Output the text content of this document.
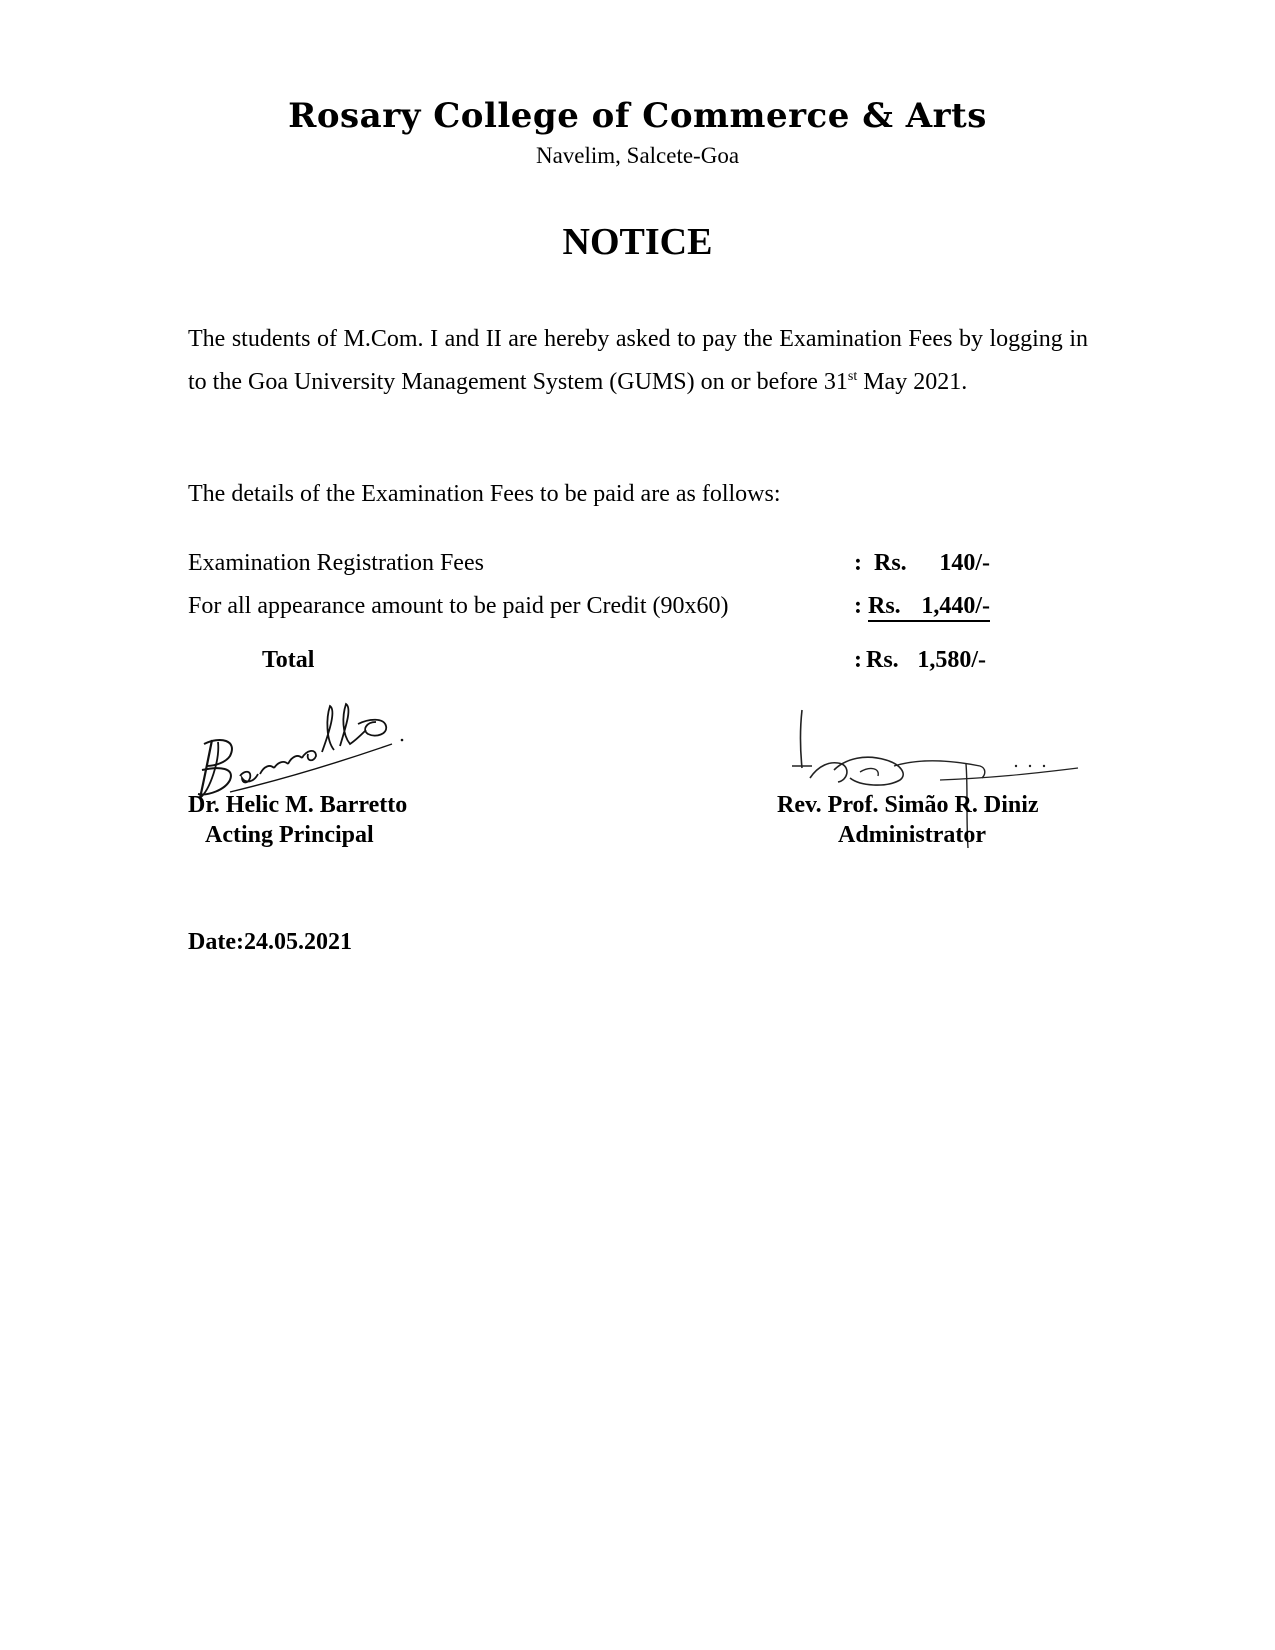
Rosary College of Commerce & Arts
Navelim, Salcete-Goa
NOTICE

The students of M.Com. I and II are hereby asked to pay the Examination Fees by logging in to the Goa University Management System (GUMS) on or before 31st May 2021.

The details of the Examination Fees to be paid are as follows:

Examination Registration Fees	: Rs.	140/-
For all appearance amount to be paid per Credit (90x60)	: Rs. 1,440/-
Total	: Rs. 1,580/-
Dr. Helic M. Barretto
Acting Principal
Rev. Prof. Simão R. Diniz
Administrator
Date:24.05.2021
